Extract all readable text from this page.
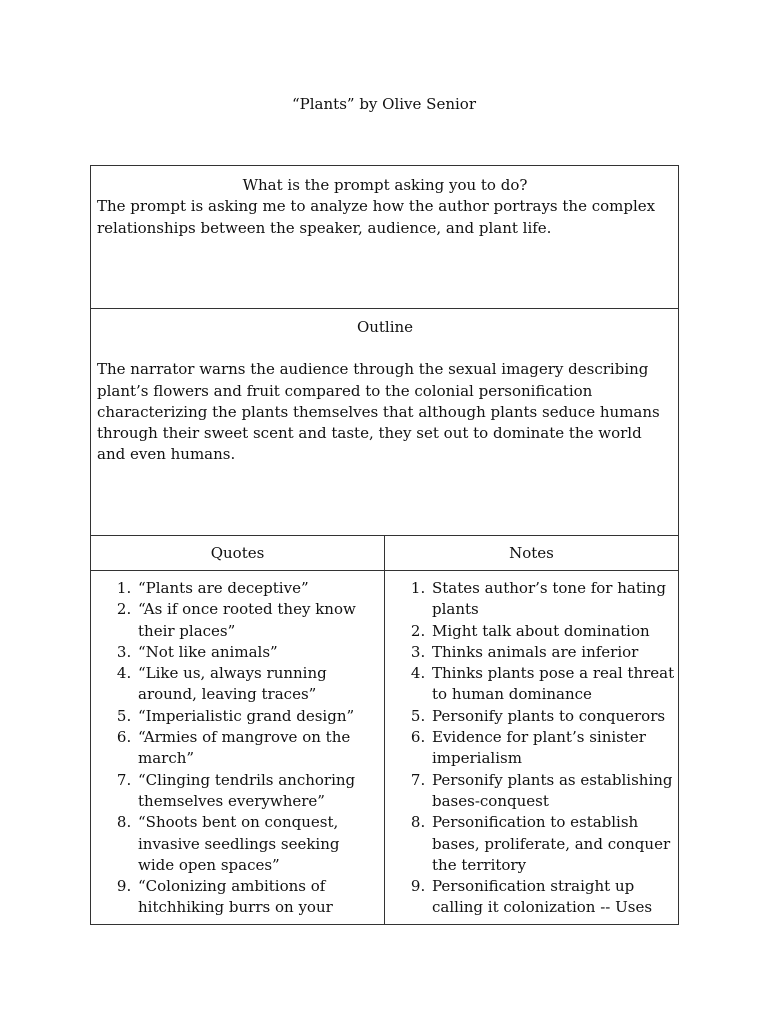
“Plants” by Olive Senior
What is the prompt asking you to do?
The prompt is asking me to analyze how the author portrays the complex relationships between the speaker, audience, and plant life.
Outline
The narrator warns the audience through the sexual imagery describing plant’s flowers and fruit compared to the colonial personification characterizing the plants themselves that although plants seduce humans through their sweet scent and taste, they set out to dominate the world and even humans.
Quotes	Notes
1. “Plants are deceptive”
2. “As if once rooted they know their places”
3. “Not like animals”
4. “Like us, always running around, leaving traces”
5. “Imperialistic grand design”
6. “Armies of mangrove on the march”
7. “Clinging tendrils anchoring themselves everywhere”
8. “Shoots bent on conquest, invasive seedlings seeking wide open spaces”
9. “Colonizing ambitions of hitchhiking burrs on your
1. States author’s tone for hating plants
2. Might talk about domination
3. Thinks animals are inferior
4. Thinks plants pose a real threat to human dominance
5. Personify plants to conquerors
6. Evidence for plant’s sinister imperialism
7. Personify plants as establishing bases-conquest
8. Personification to establish bases, proliferate, and conquer the territory
9. Personification straight up calling it colonization -- Uses
